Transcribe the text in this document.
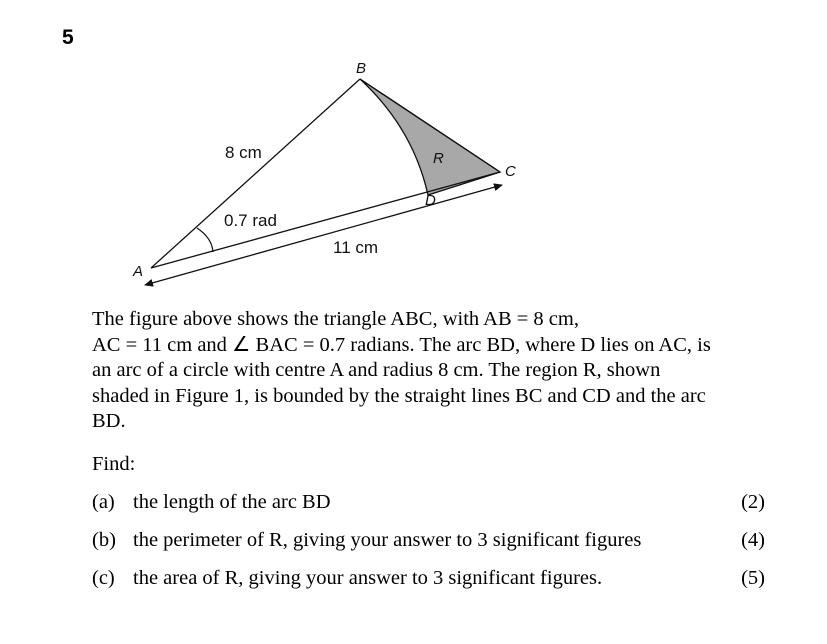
5
B
C
D
A
R
8 cm
0.7 rad
11 cm

The figure above shows the triangle ABC, with AB = 8 cm,

AC = 11 cm and ∠ BAC = 0.7 radians. The arc BD, where D lies on AC, is

an arc of a circle with centre A and radius 8 cm. The region R, shown

shaded in Figure 1, is bounded by the straight lines BC and CD and the arc

BD.

Find:
(a) the length of the arc BD	(2)
(b) the perimeter of R, giving your answer to 3 significant figures	(4)
(c) the area of R, giving your answer to 3 significant figures.	(5)
